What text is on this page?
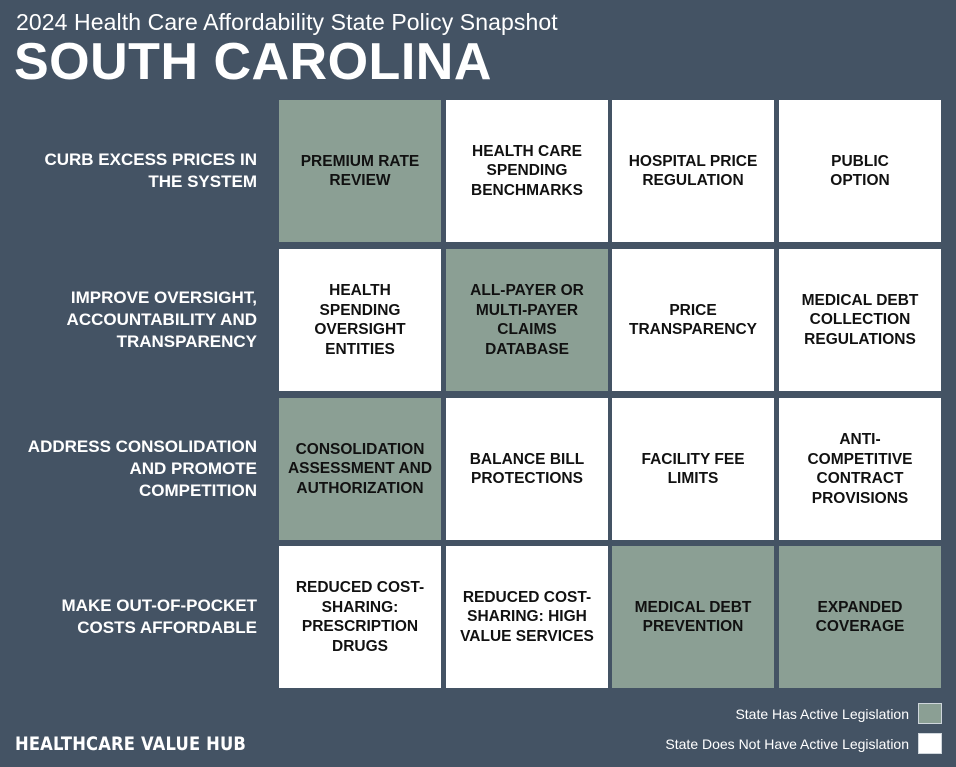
2024 Health Care Affordability State Policy Snapshot
SOUTH CAROLINA
CURB EXCESS PRICES IN THE SYSTEM
IMPROVE OVERSIGHT, ACCOUNTABILITY AND TRANSPARENCY
ADDRESS CONSOLIDATION AND PROMOTE COMPETITION
MAKE OUT-OF-POCKET COSTS AFFORDABLE
PREMIUM RATE REVIEW
HEALTH CARE SPENDING BENCHMARKS
HOSPITAL PRICE REGULATION
PUBLIC OPTION
HEALTH SPENDING OVERSIGHT ENTITIES
ALL-PAYER OR MULTI-PAYER CLAIMS DATABASE
PRICE TRANSPARENCY
MEDICAL DEBT COLLECTION REGULATIONS
CONSOLIDATION ASSESSMENT AND AUTHORIZATION
BALANCE BILL PROTECTIONS
FACILITY FEE LIMITS
ANTI-COMPETITIVE CONTRACT PROVISIONS
REDUCED COST-SHARING: PRESCRIPTION DRUGS
REDUCED COST-SHARING: HIGH VALUE SERVICES
MEDICAL DEBT PREVENTION
EXPANDED COVERAGE
State Has Active Legislation
State Does Not Have Active Legislation
HEALTHCARE VALUE HUB
